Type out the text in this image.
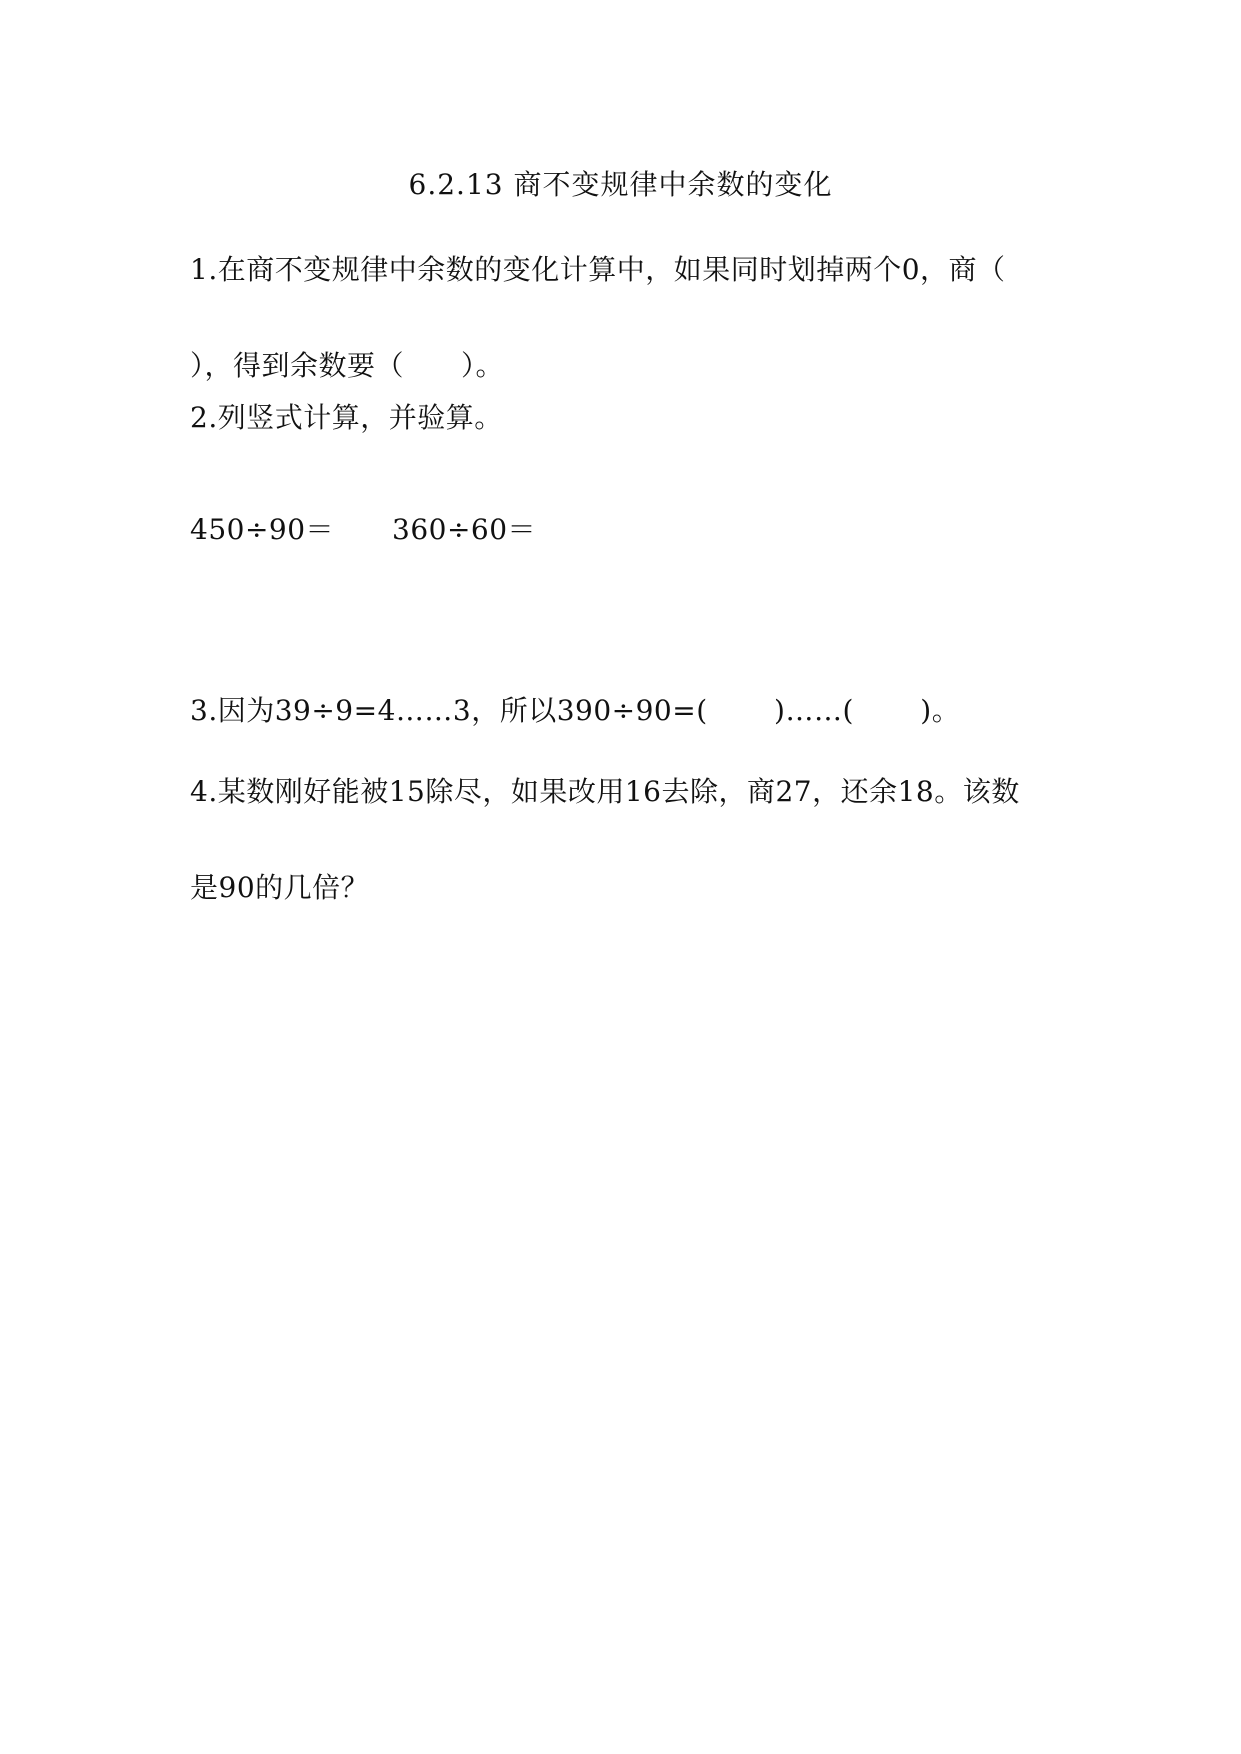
6.2.13 商不变规律中余数的变化
1.在商不变规律中余数的变化计算中，如果同时划掉两个0，商（
），得到余数要（　　）。
2.列竖式计算，并验算。
450÷90＝ 360÷60＝
3.因为39÷9=4……3，所以390÷90=(　　 )……(　　 )。
4.某数刚好能被15除尽，如果改用16去除，商27，还余18。该数
是90的几倍？
